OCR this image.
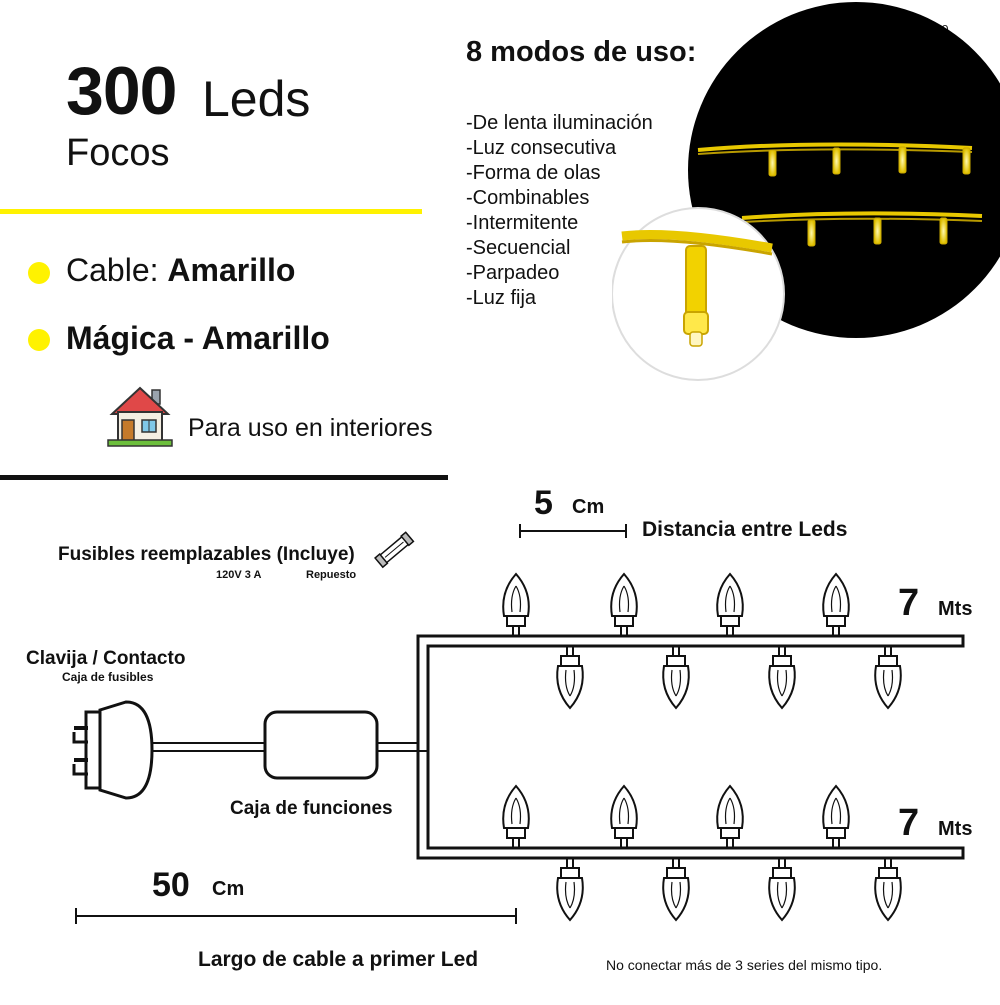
300 Leds
Focos
Cable: Amarillo
Mágica - Amarillo
Para uso en interiores
8 modos de uso:
-De lenta iluminación
-Luz consecutiva
-Forma de olas
-Combinables
-Intermitente
-Secuencial
-Parpadeo
-Luz fija
Fusibles reemplazables (Incluye)
120V 3 A	Repuesto
Clavija / Contacto
Caja de fusibles
Caja de funciones
5 Cm
Distancia entre Leds
7 Mts
7 Mts
50 Cm
Largo de cable a primer Led	No conectar más de 3 series del mismo tipo.
